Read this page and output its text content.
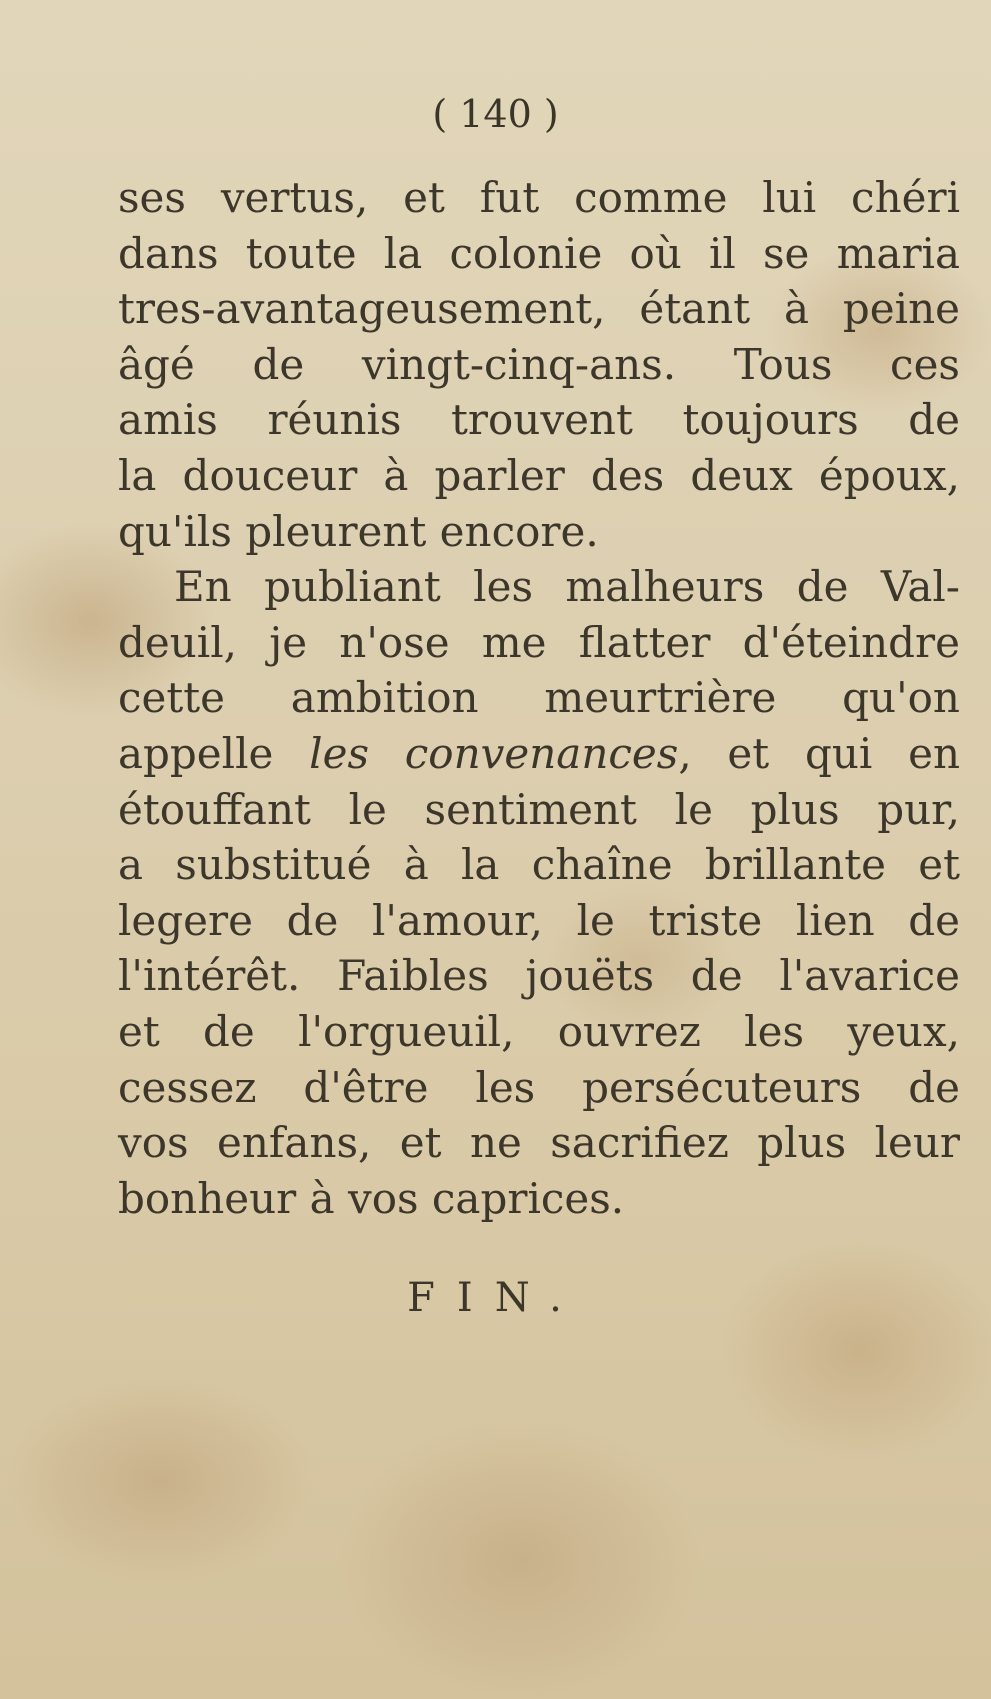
( 140 )
ses vertus, et fut comme lui chéri
dans toute la colonie où il se maria
tres-avantageusement, étant à peine
âgé de vingt-cinq-ans. Tous ces
amis réunis trouvent toujours de
la douceur à parler des deux époux,
qu'ils pleurent encore.
En publiant les malheurs de Val-
deuil, je n'ose me flatter d'éteindre
cette ambition meurtrière qu'on
appelle les convenances, et qui en
étouffant le sentiment le plus pur,
a substitué à la chaîne brillante et
legere de l'amour, le triste lien de
l'intérêt. Faibles jouëts de l'avarice
et de l'orgueuil, ouvrez les yeux,
cessez d'être les persécuteurs de
vos enfans, et ne sacrifiez plus leur
bonheur à vos caprices.
FIN.
